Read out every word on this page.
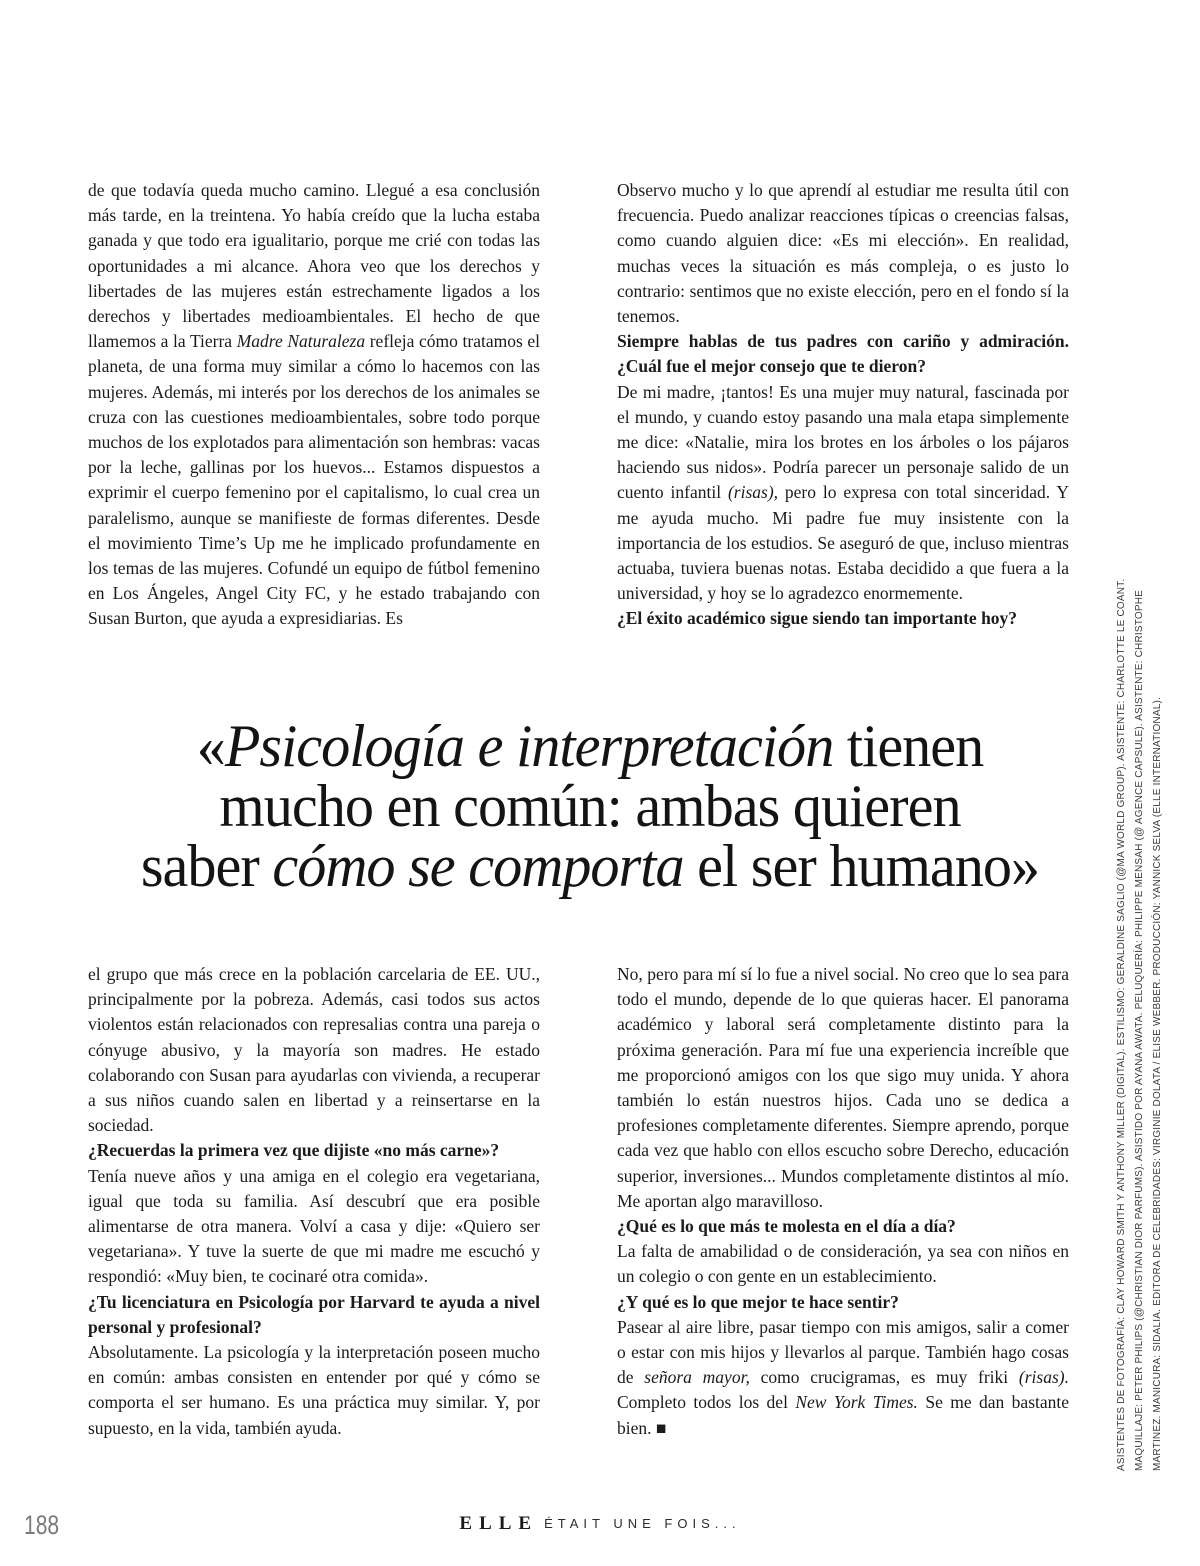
de que todavía queda mucho camino. Llegué a esa conclusión más tarde, en la treintena. Yo había creído que la lucha estaba ganada y que todo era igualitario, porque me crié con todas las oportunidades a mi alcance. Ahora veo que los derechos y libertades de las mujeres están estrechamente ligados a los derechos y libertades medioambientales. El hecho de que llamemos a la Tierra Madre Naturaleza refleja cómo tratamos el planeta, de una forma muy similar a cómo lo hacemos con las mujeres. Además, mi interés por los derechos de los animales se cruza con las cuestiones medioambientales, sobre todo porque muchos de los explotados para alimentación son hembras: vacas por la leche, gallinas por los huevos... Estamos dispuestos a exprimir el cuerpo femenino por el capitalismo, lo cual crea un paralelismo, aunque se manifieste de formas diferentes. Desde el movimiento Time’s Up me he implicado profundamente en los temas de las mujeres. Cofundé un equipo de fútbol femenino en Los Ángeles, Angel City FC, y he estado trabajando con Susan Burton, que ayuda a expresidiarias. Es

Observo mucho y lo que aprendí al estudiar me resulta útil con frecuencia. Puedo analizar reacciones típicas o creencias falsas, como cuando alguien dice: «Es mi elección». En realidad, muchas veces la situación es más compleja, o es justo lo contrario: sentimos que no existe elección, pero en el fondo sí la tenemos.

Siempre hablas de tus padres con cariño y admiración. ¿Cuál fue el mejor consejo que te dieron?

De mi madre, ¡tantos! Es una mujer muy natural, fascinada por el mundo, y cuando estoy pasando una mala etapa simplemente me dice: «Natalie, mira los brotes en los árboles o los pájaros haciendo sus nidos». Podría parecer un personaje salido de un cuento infantil (risas), pero lo expresa con total sinceridad. Y me ayuda mucho. Mi padre fue muy insistente con la importancia de los estudios. Se aseguró de que, incluso mientras actuaba, tuviera buenas notas. Estaba decidido a que fuera a la universidad, y hoy se lo agradezco enormemente.

¿El éxito académico sigue siendo tan importante hoy?

«Psicología e interpretación tienen
mucho en común: ambas quieren
saber cómo se comporta el ser humano»

el grupo que más crece en la población carcelaria de EE. UU., principalmente por la pobreza. Además, casi todos sus actos violentos están relacionados con represalias contra una pareja o cónyuge abusivo, y la mayoría son madres. He estado colaborando con Susan para ayudarlas con vivienda, a recuperar a sus niños cuando salen en libertad y a reinsertarse en la sociedad.

¿Recuerdas la primera vez que dijiste «no más carne»?

Tenía nueve años y una amiga en el colegio era vegetariana, igual que toda su familia. Así descubrí que era posible alimentarse de otra manera. Volví a casa y dije: «Quiero ser vegetariana». Y tuve la suerte de que mi madre me escuchó y respondió: «Muy bien, te cocinaré otra comida».

¿Tu licenciatura en Psicología por Harvard te ayuda a nivel personal y profesional?

Absolutamente. La psicología y la interpretación poseen mucho en común: ambas consisten en entender por qué y cómo se comporta el ser humano. Es una práctica muy similar. Y, por supuesto, en la vida, también ayuda.

No, pero para mí sí lo fue a nivel social. No creo que lo sea para todo el mundo, depende de lo que quieras hacer. El panorama académico y laboral será completamente distinto para la próxima generación. Para mí fue una experiencia increíble que me proporcionó amigos con los que sigo muy unida. Y ahora también lo están nuestros hijos. Cada uno se dedica a profesiones completamente diferentes. Siempre aprendo, porque cada vez que hablo con ellos escucho sobre Derecho, educación superior, inversiones... Mundos completamente distintos al mío. Me aportan algo maravilloso.

¿Qué es lo que más te molesta en el día a día?

La falta de amabilidad o de consideración, ya sea con niños en un colegio o con gente en un establecimiento.

¿Y qué es lo que mejor te hace sentir?

Pasear al aire libre, pasar tiempo con mis amigos, salir a comer o estar con mis hijos y llevarlos al parque. También hago cosas de señora mayor, como crucigramas, es muy friki (risas). Completo todos los del New York Times. Se me dan bastante bien. ■	ASISTENTES DE FOTOGRAFÍA: CLAY HOWARD SMITH Y ANTHONY MILLER (DIGITAL). ESTILISMO: GERALDINE SAGLIO (@MA WORLD GROUP). ASISTENTE: CHARLOTTE LE COANT. MAQUILLAJE: PETER PHILIPS (@CHRISTIAN DIOR PARFUMS). ASISTIDO POR AYANA AWATA. PELUQUERÍA: PHILIPPE MENSAH (@ AGENCE CAPSULE). ASISTENTE: CHRISTOPHE MARTINEZ. MANICURA: SIDALIA. EDITORA DE CELEBRIDADES: VIRGINIE DOLATA / ELISE WEBBER. PRODUCCIÓN: YANNICK SELVA (ELLE INTERNATIONAL).
188	ELLE ÉTAIT UNE FOIS...
